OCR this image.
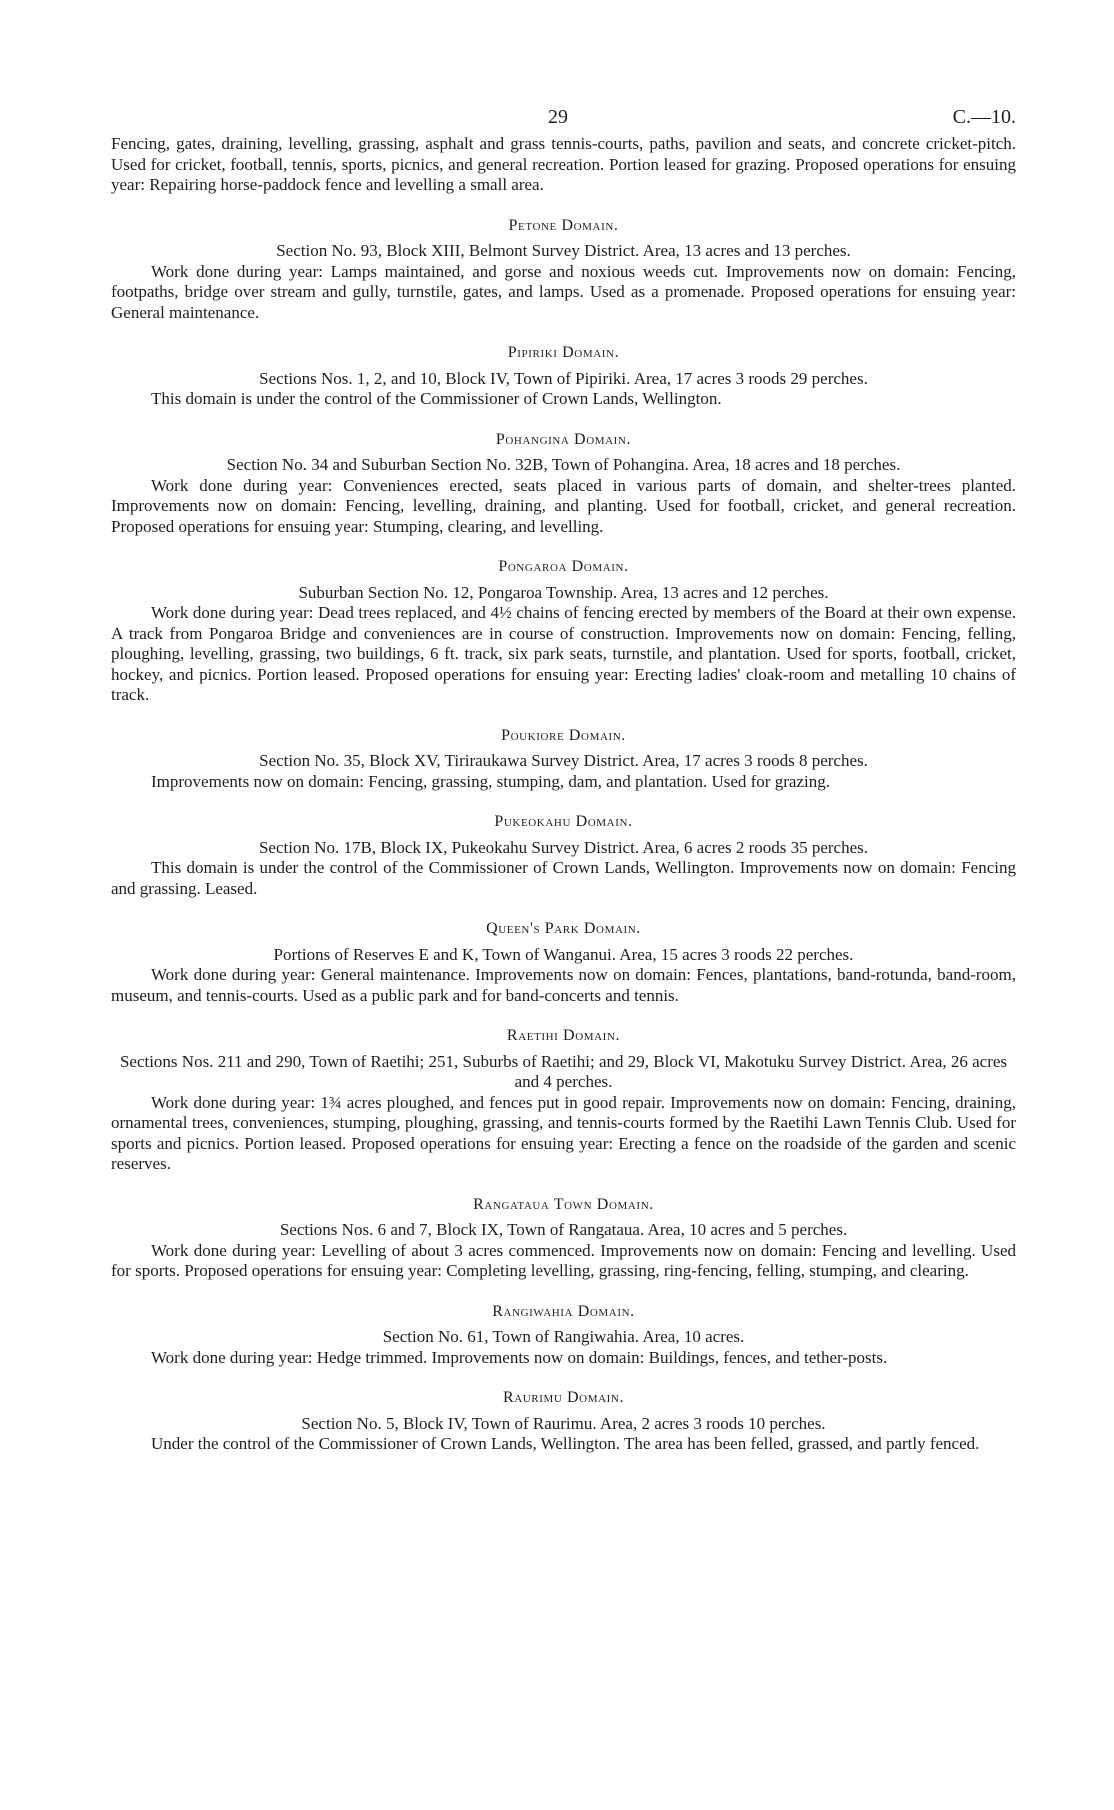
29	C.—10.

Fencing, gates, draining, levelling, grassing, asphalt and grass tennis-courts, paths, pavilion and seats, and concrete cricket-pitch. Used for cricket, football, tennis, sports, picnics, and general recreation. Portion leased for grazing. Proposed operations for ensuing year: Repairing horse-paddock fence and levelling a small area.

Petone Domain.

Section No. 93, Block XIII, Belmont Survey District. Area, 13 acres and 13 perches.

Work done during year: Lamps maintained, and gorse and noxious weeds cut. Improvements now on domain: Fencing, footpaths, bridge over stream and gully, turnstile, gates, and lamps. Used as a promenade. Proposed operations for ensuing year: General maintenance.

Pipiriki Domain.

Sections Nos. 1, 2, and 10, Block IV, Town of Pipiriki. Area, 17 acres 3 roods 29 perches.

This domain is under the control of the Commissioner of Crown Lands, Wellington.

Pohangina Domain.

Section No. 34 and Suburban Section No. 32B, Town of Pohangina. Area, 18 acres and 18 perches.

Work done during year: Conveniences erected, seats placed in various parts of domain, and shelter-trees planted. Improvements now on domain: Fencing, levelling, draining, and planting. Used for football, cricket, and general recreation. Proposed operations for ensuing year: Stumping, clearing, and levelling.

Pongaroa Domain.

Suburban Section No. 12, Pongaroa Township. Area, 13 acres and 12 perches.

Work done during year: Dead trees replaced, and 4½ chains of fencing erected by members of the Board at their own expense. A track from Pongaroa Bridge and conveniences are in course of construction. Improvements now on domain: Fencing, felling, ploughing, levelling, grassing, two buildings, 6 ft. track, six park seats, turnstile, and plantation. Used for sports, football, cricket, hockey, and picnics. Portion leased. Proposed operations for ensuing year: Erecting ladies' cloak-room and metalling 10 chains of track.

Poukiore Domain.

Section No. 35, Block XV, Tiriraukawa Survey District. Area, 17 acres 3 roods 8 perches.

Improvements now on domain: Fencing, grassing, stumping, dam, and plantation. Used for grazing.

Pukeokahu Domain.

Section No. 17B, Block IX, Pukeokahu Survey District. Area, 6 acres 2 roods 35 perches.

This domain is under the control of the Commissioner of Crown Lands, Wellington. Improvements now on domain: Fencing and grassing. Leased.

Queen's Park Domain.

Portions of Reserves E and K, Town of Wanganui. Area, 15 acres 3 roods 22 perches.

Work done during year: General maintenance. Improvements now on domain: Fences, plantations, band-rotunda, band-room, museum, and tennis-courts. Used as a public park and for band-concerts and tennis.

Raetihi Domain.

Sections Nos. 211 and 290, Town of Raetihi; 251, Suburbs of Raetihi; and 29, Block VI, Makotuku Survey District. Area, 26 acres and 4 perches.

Work done during year: 1¾ acres ploughed, and fences put in good repair. Improvements now on domain: Fencing, draining, ornamental trees, conveniences, stumping, ploughing, grassing, and tennis-courts formed by the Raetihi Lawn Tennis Club. Used for sports and picnics. Portion leased. Proposed operations for ensuing year: Erecting a fence on the roadside of the garden and scenic reserves.

Rangataua Town Domain.

Sections Nos. 6 and 7, Block IX, Town of Rangataua. Area, 10 acres and 5 perches.

Work done during year: Levelling of about 3 acres commenced. Improvements now on domain: Fencing and levelling. Used for sports. Proposed operations for ensuing year: Completing levelling, grassing, ring-fencing, felling, stumping, and clearing.

Rangiwahia Domain.

Section No. 61, Town of Rangiwahia. Area, 10 acres.

Work done during year: Hedge trimmed. Improvements now on domain: Buildings, fences, and tether-posts.

Raurimu Domain.

Section No. 5, Block IV, Town of Raurimu. Area, 2 acres 3 roods 10 perches.

Under the control of the Commissioner of Crown Lands, Wellington. The area has been felled, grassed, and partly fenced.
